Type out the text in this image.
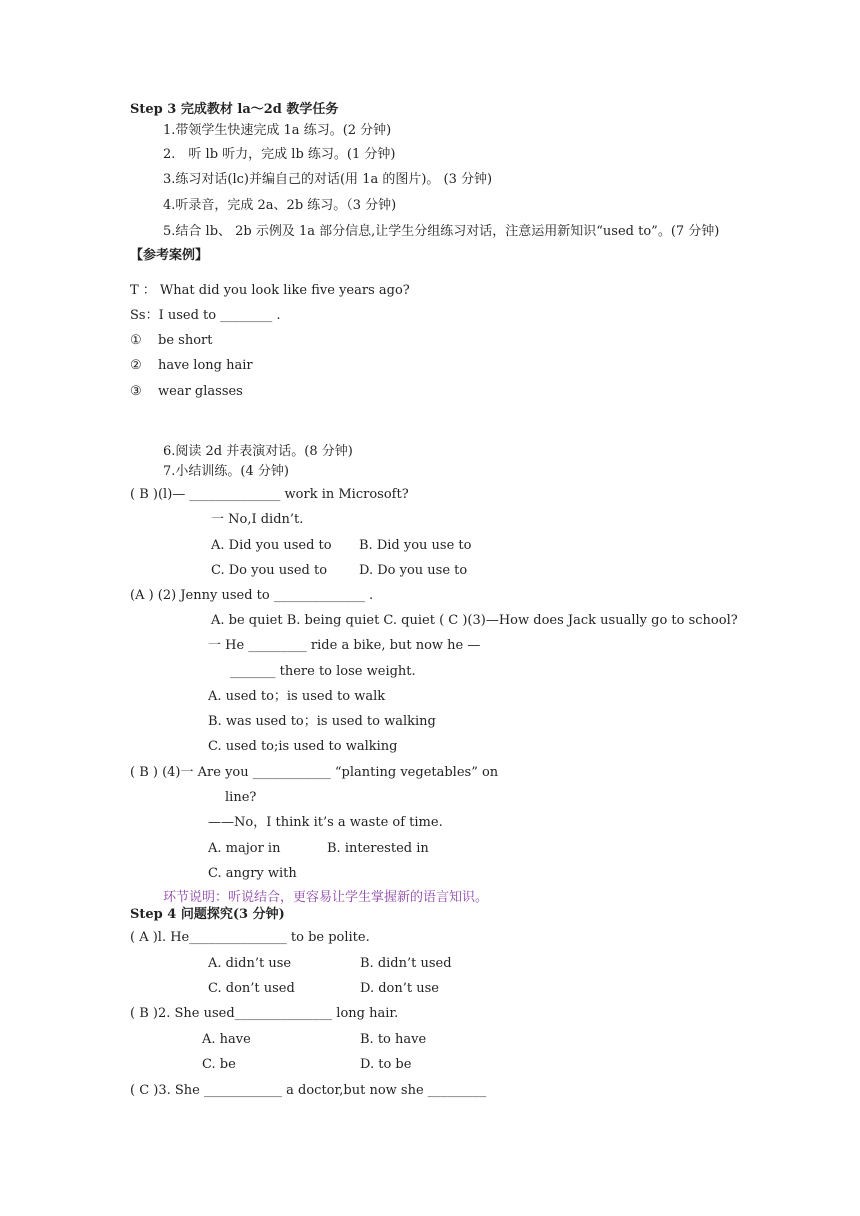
Step 3 完成教材 la～2d 教学任务
1.带领学生快速完成 1a 练习。(2 分钟)
2.　听 lb 听力，完成 lb 练习。(1 分钟)
3.练习对话(lc)并编自己的对话(用 1a 的图片)。 (3 分钟)
4.听录音，完成 2a、2b 练习。（3 分钟)
5.结合 lb、 2b 示例及 1a 部分信息,让学生分组练习对话，注意运用新知识“used to”。(7 分钟)
【参考案例】
T ： What did you look like five years ago?
Ss：I used to ________ .
① be short
② have long hair
③ wear glasses
6.阅读 2d 并表演对话。(8 分钟)
7.小结训练。(4 分钟)
( B )(l)— ______________ work in Microsoft?
一 No,I didn’t.
A. Did you used to B. Did you use to
C. Do you used to D. Do you use to
(A ) (2) Jenny used to ______________ .
A. be quiet B. being quiet C. quiet ( C )(3)—How does Jack usually go to school?
一 He _________ ride a bike, but now he —
_______ there to lose weight.
A. used to；is used to walk
B. was used to；is used to walking
C. used to;is used to walking
( B ) (4)一 Are you ____________ “planting vegetables” on
line?
——No，I think it’s a waste of time.
A. major in	B. interested in
C. angry with
环节说明：听说结合，更容易让学生掌握新的语言知识。
Step 4 问题探究(3 分钟)
( A )l. He_______________ to be polite.
A. didn’t use	B. didn’t used
C. don’t used	D. don’t use
( B )2. She used_______________ long hair.
A. have	B. to have
C. be	D. to be
( C )3. She ____________ a doctor,but now she _________
